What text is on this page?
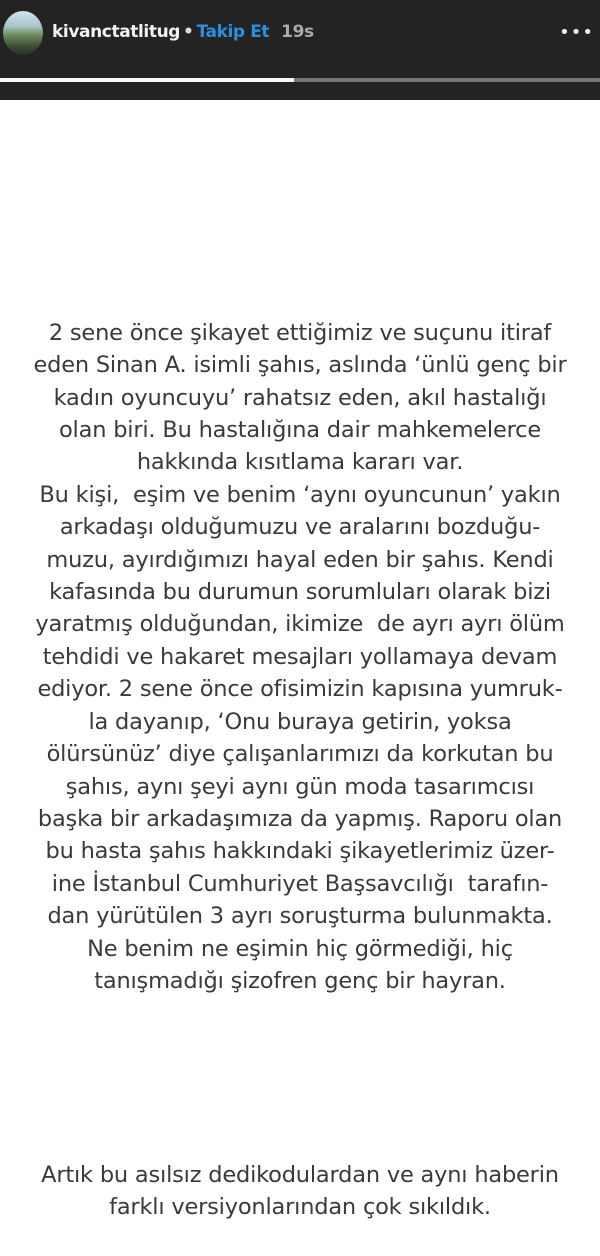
kivanctatlitug • Takip Et 19s	•••

2 sene önce şikayet ettiğimiz ve suçunu itiraf
eden Sinan A. isimli şahıs, aslında ‘ünlü genç bir
kadın oyuncuyu’ rahatsız eden, akıl hastalığı
olan biri. Bu hastalığına dair mahkemelerce
hakkında kısıtlama kararı var.
Bu kişi,  eşim ve benim ‘aynı oyuncunun’ yakın
arkadaşı olduğumuzu ve aralarını bozduğu-
muzu, ayırdığımızı hayal eden bir şahıs. Kendi
kafasında bu durumun sorumluları olarak bizi
yaratmış olduğundan, ikimize  de ayrı ayrı ölüm
tehdidi ve hakaret mesajları yollamaya devam
ediyor. 2 sene önce ofisimizin kapısına yumruk-
la dayanıp, ‘Onu buraya getirin, yoksa
ölürsünüz’ diye çalışanlarımızı da korkutan bu
şahıs, aynı şeyi aynı gün moda tasarımcısı
başka bir arkadaşımıza da yapmış. Raporu olan
bu hasta şahıs hakkındaki şikayetlerimiz üzer-
ine İstanbul Cumhuriyet Başsavcılığı  tarafın-
dan yürütülen 3 ayrı soruşturma bulunmakta.
Ne benim ne eşimin hiç görmediği, hiç
tanışmadığı şizofren genç bir hayran.

Artık bu asılsız dedikodulardan ve aynı haberin
farklı versiyonlarından çok sıkıldık.
